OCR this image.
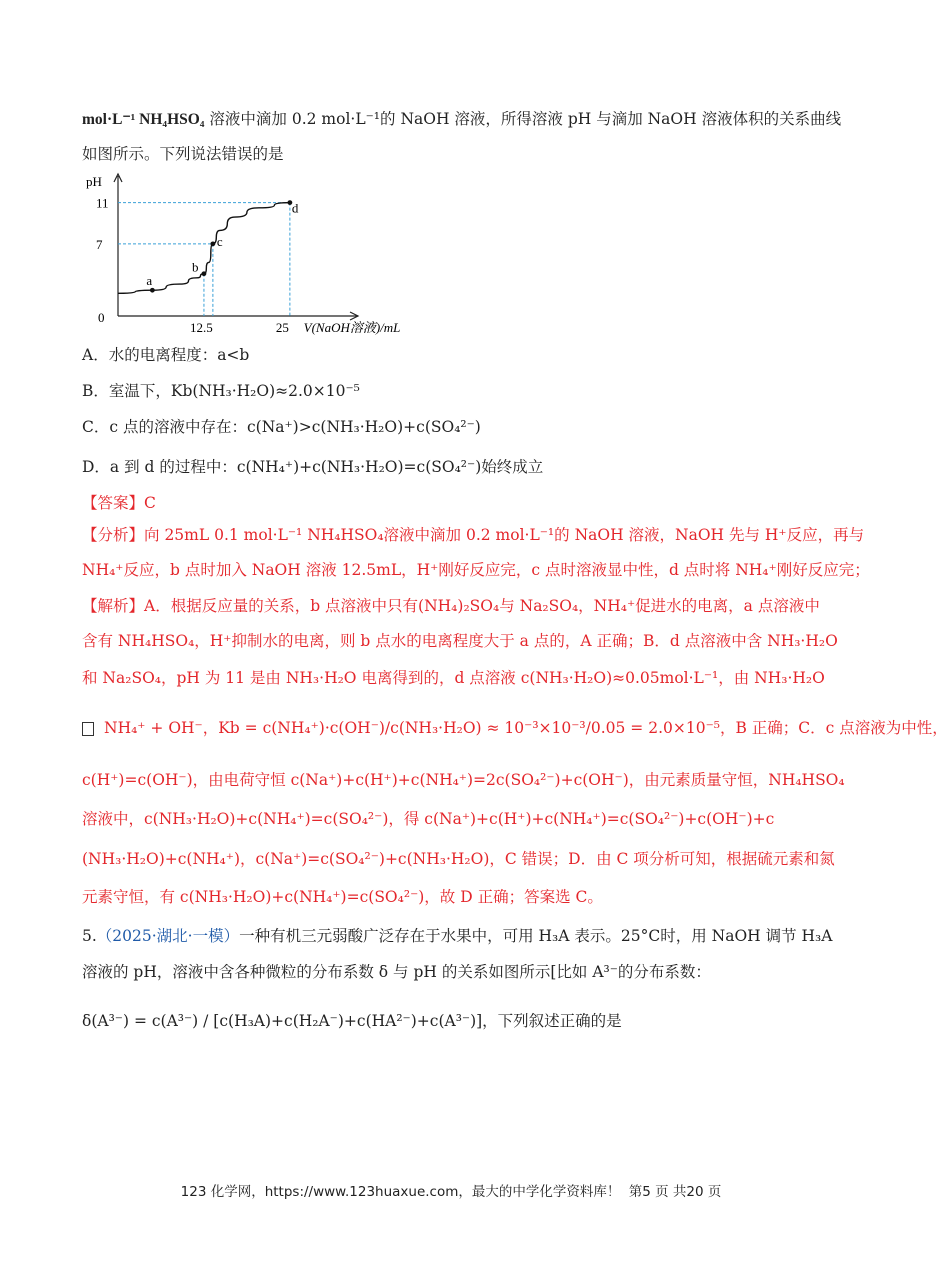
mol·L⁻¹ NH₄HSO₄ 溶液中滴加 0.2 mol·L⁻¹的 NaOH 溶液，所得溶液 pH 与滴加 NaOH 溶液体积的关系曲线
如图所示。下列说法错误的是
pH
0
7
11
12.5	25 V(NaOH溶液)/mL
a
b
c
d
A．水的电离程度：a<b
B．室温下，Kb(NH₃·H₂O)≈2.0×10⁻⁵
C．c 点的溶液中存在：c(Na⁺)>c(NH₃·H₂O)+c(SO₄²⁻)
D．a 到 d 的过程中：c(NH₄⁺)+c(NH₃·H₂O)=c(SO₄²⁻)始终成立
【答案】C
【分析】向 25mL 0.1 mol·L⁻¹ NH₄HSO₄溶液中滴加 0.2 mol·L⁻¹的 NaOH 溶液，NaOH 先与 H⁺反应，再与
NH₄⁺反应，b 点时加入 NaOH 溶液 12.5mL，H⁺刚好反应完，c 点时溶液显中性，d 点时将 NH₄⁺刚好反应完；
【解析】A．根据反应量的关系，b 点溶液中只有(NH₄)₂SO₄与 Na₂SO₄，NH₄⁺促进水的电离，a 点溶液中
含有 NH₄HSO₄，H⁺抑制水的电离，则 b 点水的电离程度大于 a 点的，A 正确；B．d 点溶液中含 NH₃·H₂O
和 Na₂SO₄，pH 为 11 是由 NH₃·H₂O 电离得到的，d 点溶液 c(NH₃·H₂O)≈0.05mol·L⁻¹，由 NH₃·H₂O
NH₄⁺ + OH⁻，Kb = c(NH₄⁺)·c(OH⁻)/c(NH₃·H₂O) ≈ 10⁻³×10⁻³/0.05 = 2.0×10⁻⁵，B 正确；C．c 点溶液为中性，
c(H⁺)=c(OH⁻)，由电荷守恒 c(Na⁺)+c(H⁺)+c(NH₄⁺)=2c(SO₄²⁻)+c(OH⁻)，由元素质量守恒，NH₄HSO₄
溶液中，c(NH₃·H₂O)+c(NH₄⁺)=c(SO₄²⁻)，得 c(Na⁺)+c(H⁺)+c(NH₄⁺)=c(SO₄²⁻)+c(OH⁻)+c
(NH₃·H₂O)+c(NH₄⁺)，c(Na⁺)=c(SO₄²⁻)+c(NH₃·H₂O)，C 错误；D．由 C 项分析可知，根据硫元素和氮
元素守恒，有 c(NH₃·H₂O)+c(NH₄⁺)=c(SO₄²⁻)，故 D 正确；答案选 C。
5.（2025·湖北·一模）一种有机三元弱酸广泛存在于水果中，可用 H₃A 表示。25°C时，用 NaOH 调节 H₃A
溶液的 pH，溶液中含各种微粒的分布系数 δ 与 pH 的关系如图所示[比如 A³⁻的分布系数：
δ(A³⁻) = c(A³⁻) / [c(H₃A)+c(H₂A⁻)+c(HA²⁻)+c(A³⁻)]，下列叙述正确的是
123 化学网，https://www.123huaxue.com，最大的中学化学资料库！ 第5 页 共20 页
